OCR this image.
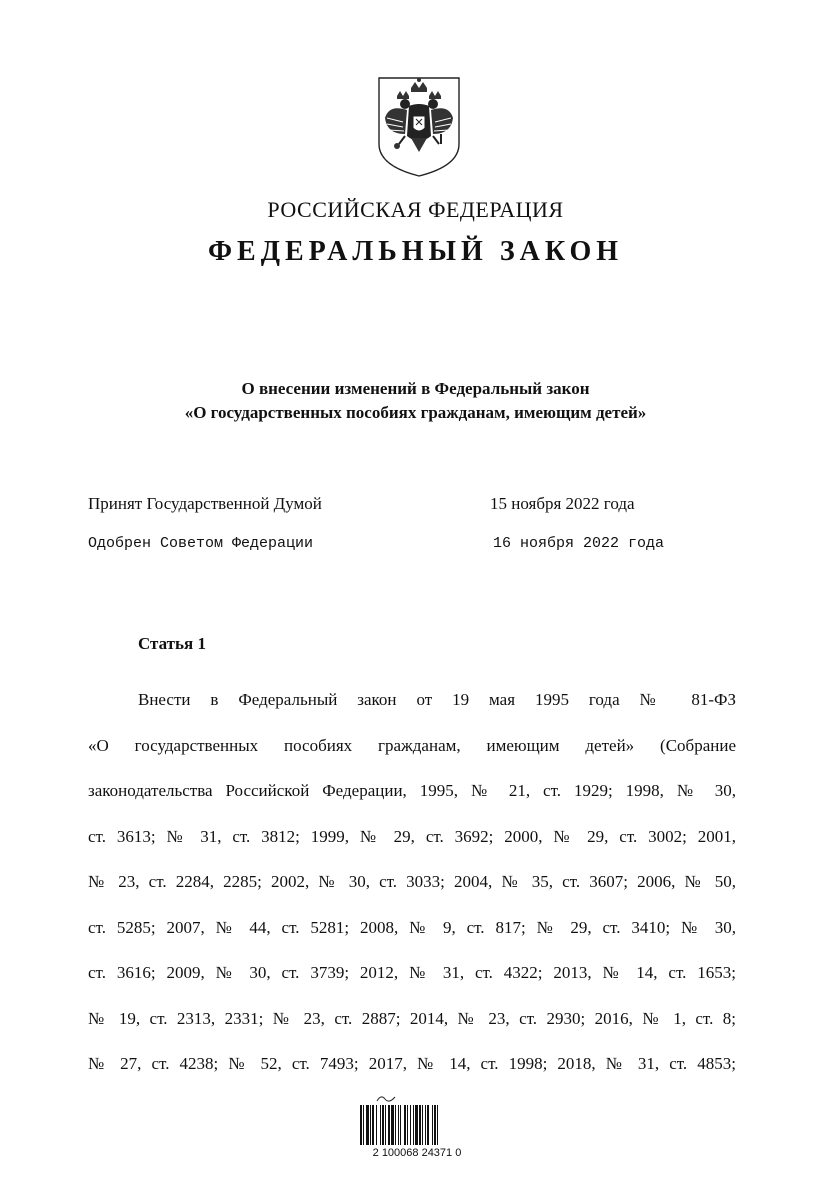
РОССИЙСКАЯ ФЕДЕРАЦИЯ
ФЕДЕРАЛЬНЫЙ ЗАКОН
О внесении изменений в Федеральный закон
«О государственных пособиях гражданам, имеющим детей»
Принят Государственной Думой	15 ноября 2022 года
Одобрен Советом Федерации	16 ноября 2022 года
Статья 1
Внести в Федеральный закон от 19 мая 1995 года № 81-ФЗ
«О государственных пособиях гражданам, имеющим детей» (Собрание
законодательства Российской Федерации, 1995, № 21, ст. 1929; 1998, № 30,
ст. 3613; № 31, ст. 3812; 1999, № 29, ст. 3692; 2000, № 29, ст. 3002; 2001,
№ 23, ст. 2284, 2285; 2002, № 30, ст. 3033; 2004, № 35, ст. 3607; 2006, № 50,
ст. 5285; 2007, № 44, ст. 5281; 2008, № 9, ст. 817; № 29, ст. 3410; № 30,
ст. 3616; 2009, № 30, ст. 3739; 2012, № 31, ст. 4322; 2013, № 14, ст. 1653;
№ 19, ст. 2313, 2331; № 23, ст. 2887; 2014, № 23, ст. 2930; 2016, № 1, ст. 8;
№ 27, ст. 4238; № 52, ст. 7493; 2017, № 14, ст. 1998; 2018, № 31, ст. 4853;
2 100068 24371 0
